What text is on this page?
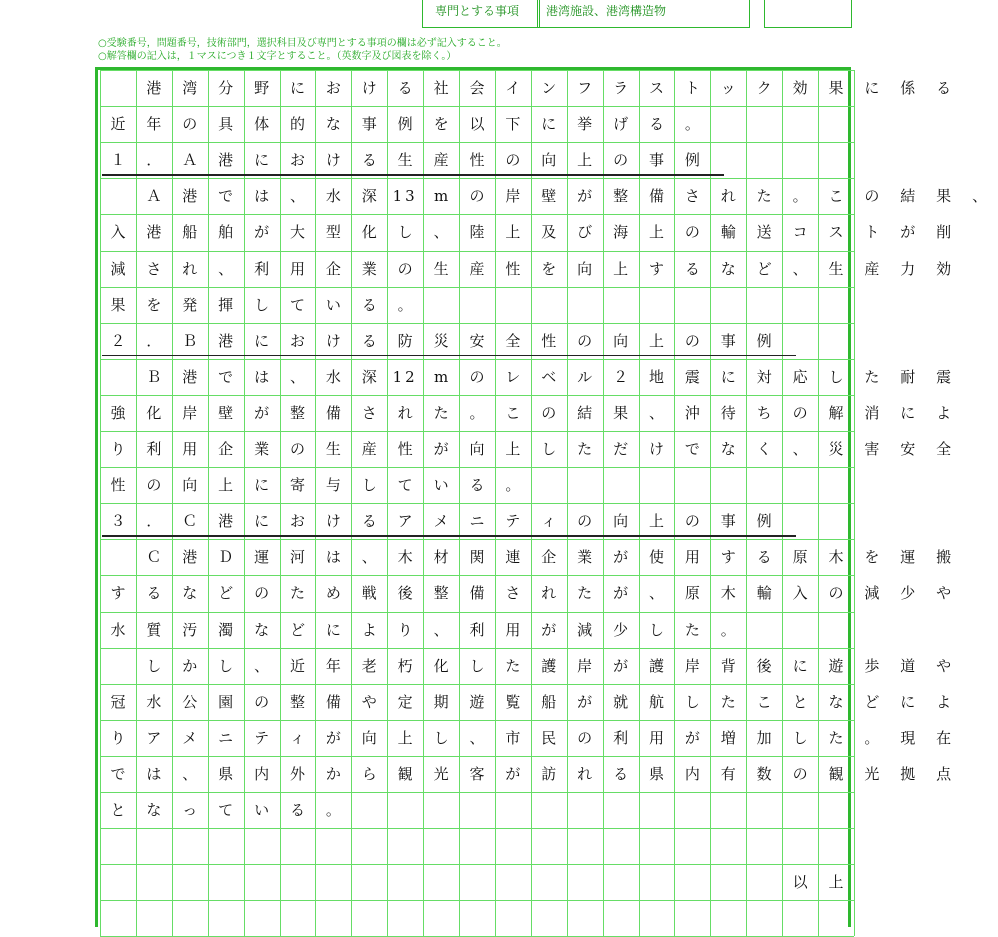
専門とする事項 港湾施設、港湾構造物
○受験番号，問題番号，技術部門，選択科目及び専門とする事項の欄は必ず記入すること。
○解答欄の記入は，１マスにつき１文字とすること。（英数字及び図表を除く。）
港	湾	分	野	に	お	け	る	社	会	イ	ン	フ	ラ	ス	ト	ッ	ク	効	果	に	係	る
近	年	の	具	体	的	な	事	例	を	以	下	に	挙	げ	る	。
１	．	Ａ	港	に	お	け	る	生	産	性	の	向	上	の	事	例
Ａ	港	で	は	、	水	深	13	m	の	岸	壁	が	整	備	さ	れ	た	。	こ	の	結	果	、
入	港	船	舶	が	大	型	化	し	、	陸	上	及	び	海	上	の	輸	送	コ	ス	ト	が	削
減	さ	れ	、	利	用	企	業	の	生	産	性	を	向	上	す	る	な	ど	、	生	産	力	効
果	を	発	揮	し	て	い	る	。
２	．	Ｂ	港	に	お	け	る	防	災	安	全	性	の	向	上	の	事	例
Ｂ	港	で	は	、	水	深	12	m	の	レ	ベ	ル	２	地	震	に	対	応	し	た	耐	震
強	化	岸	壁	が	整	備	さ	れ	た	。	こ	の	結	果	、	沖	待	ち	の	解	消	に	よ
り	利	用	企	業	の	生	産	性	が	向	上	し	た	だ	け	で	な	く	、	災	害	安	全
性	の	向	上	に	寄	与	し	て	い	る	。
３	．	Ｃ	港	に	お	け	る	ア	メ	ニ	テ	ィ	の	向	上	の	事	例
Ｃ	港	Ｄ	運	河	は	、	木	材	関	連	企	業	が	使	用	す	る	原	木	を	運	搬
す	る	な	ど	の	た	め	戦	後	整	備	さ	れ	た	が	、	原	木	輸	入	の	減	少	や
水	質	汚	濁	な	ど	に	よ	り	、	利	用	が	減	少	し	た	。
し	か	し	、	近	年	老	朽	化	し	た	護	岸	が	護	岸	背	後	に	遊	歩	道	や
冠	水	公	園	の	整	備	や	定	期	遊	覧	船	が	就	航	し	た	こ	と	な	ど	に	よ
り	ア	メ	ニ	テ	ィ	が	向	上	し	、	市	民	の	利	用	が	増	加	し	た	。	現	在
で	は	、	県	内	外	か	ら	観	光	客	が	訪	れ	る	県	内	有	数	の	観	光	拠	点
と	な	っ	て	い	る	。
以	上
